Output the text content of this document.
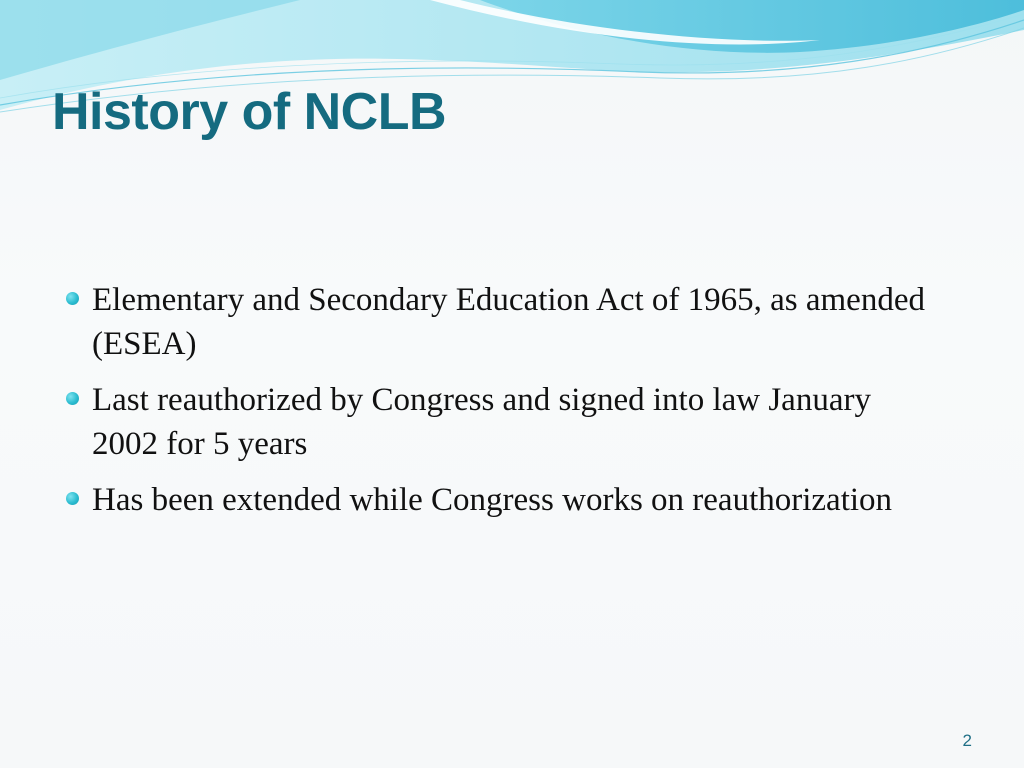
History of NCLB
Elementary and Secondary Education Act of 1965, as amended (ESEA)
Last reauthorized by Congress and signed into law January 2002 for 5 years
Has been extended while Congress works on reauthorization
2
